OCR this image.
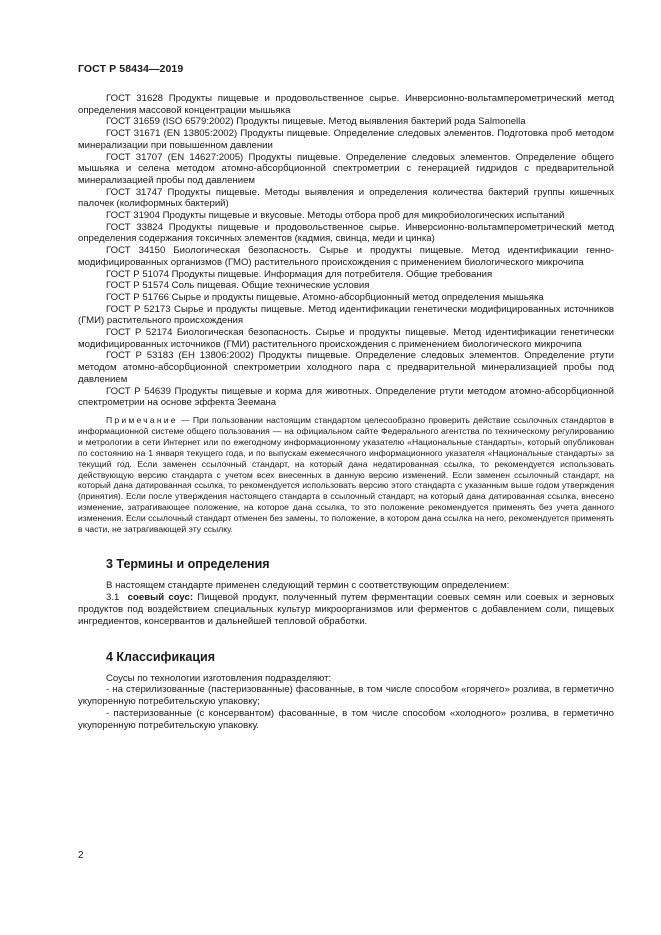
ГОСТ Р 58434—2019

ГОСТ 31628 Продукты пищевые и продовольственное сырье. Инверсионно-вольтамперометрический метод определения массовой концентрации мышьяка

ГОСТ 31659 (ISO 6579:2002) Продукты пищевые. Метод выявления бактерий рода Salmonella

ГОСТ 31671 (EN 13805:2002) Продукты пищевые. Определение следовых элементов. Подготовка проб методом минерализации при повышенном давлении

ГОСТ 31707 (EN 14627:2005) Продукты пищевые. Определение следовых элементов. Определение общего мышьяка и селена методом атомно-абсорбционной спектрометрии с генерацией гидридов с предварительной минерализацией пробы под давлением

ГОСТ 31747 Продукты пищевые. Методы выявления и определения количества бактерий группы кишечных палочек (колиформных бактерий)

ГОСТ 31904 Продукты пищевые и вкусовые. Методы отбора проб для микробиологических испытаний

ГОСТ 33824 Продукты пищевые и продовольственное сырье. Инверсионно-вольтамперометрический метод определения содержания токсичных элементов (кадмия, свинца, меди и цинка)

ГОСТ 34150 Биологическая безопасность. Сырье и продукты пищевые. Метод идентификации генно-модифицированных организмов (ГМО) растительного происхождения с применением биологического микрочипа

ГОСТ Р 51074 Продукты пищевые. Информация для потребителя. Общие требования

ГОСТ Р 51574 Соль пищевая. Общие технические условия

ГОСТ Р 51766 Сырье и продукты пищевые. Атомно-абсорбционный метод определения мышьяка

ГОСТ Р 52173 Сырье и продукты пищевые. Метод идентификации генетически модифицированных источников (ГМИ) растительного происхождения

ГОСТ Р 52174 Биологическая безопасность. Сырье и продукты пищевые. Метод идентификации генетически модифицированных источников (ГМИ) растительного происхождения с применением биологического микрочипа

ГОСТ Р 53183 (ЕН 13806:2002) Продукты пищевые. Определение следовых элементов. Определение ртути методом атомно-абсорбционной спектрометрии холодного пара с предварительной минерализацией пробы под давлением

ГОСТ Р 54639 Продукты пищевые и корма для животных. Определение ртути методом атомно-абсорбционной спектрометрии на основе эффекта Зеемана

Примечание — При пользовании настоящим стандартом целесообразно проверить действие ссылочных стандартов в информационной системе общего пользования — на официальном сайте Федерального агентства по техническому регулированию и метрологии в сети Интернет или по ежегодному информационному указателю «Национальные стандарты», который опубликован по состоянию на 1 января текущего года, и по выпускам ежемесячного информационного указателя «Национальные стандарты» за текущий год. Если заменен ссылочный стандарт, на который дана недатированная ссылка, то рекомендуется использовать действующую версию стандарта с учетом всех внесенных в данную версию изменений. Если заменен ссылочный стандарт, на который дана датированная ссылка, то рекомендуется использовать версию этого стандарта с указанным выше годом утверждения (принятия). Если после утверждения настоящего стандарта в ссылочный стандарт, на который дана датированная ссылка, внесено изменение, затрагивающее положение, на которое дана ссылка, то это положение рекомендуется применять без учета данного изменения. Если ссылочный стандарт отменен без замены, то положение, в котором дана ссылка на него, рекомендуется применять в части, не затрагивающей эту ссылку.

3 Термины и определения

В настоящем стандарте применен следующий термин с соответствующим определением:

3.1 соевый соус: Пищевой продукт, полученный путем ферментации соевых семян или соевых и зерновых продуктов под воздействием специальных культур микроорганизмов или ферментов с добавлением соли, пищевых ингредиентов, консервантов и дальнейшей тепловой обработки.

4 Классификация

Соусы по технологии изготовления подразделяют:

- на стерилизованные (пастеризованные) фасованные, в том числе способом «горячего» розлива, в герметично укупоренную потребительскую упаковку;

- пастеризованные (с консервантом) фасованные, в том числе способом «холодного» розлива, в герметично укупоренную потребительскую упаковку.

2
